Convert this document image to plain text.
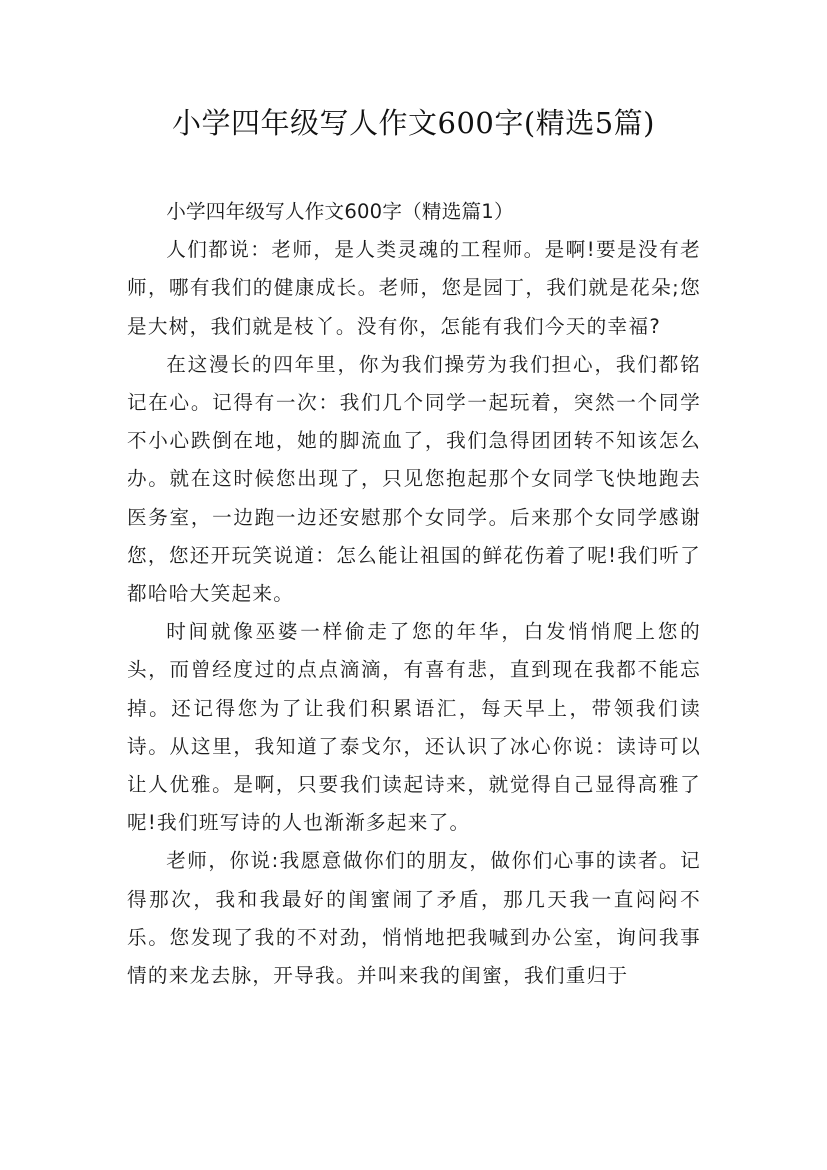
小学四年级写人作文600字(精选5篇)

小学四年级写人作文600字（精选篇1）

人们都说：老师，是人类灵魂的工程师。是啊!要是没有老师，哪有我们的健康成长。老师，您是园丁，我们就是花朵;您是大树，我们就是枝丫。没有你，怎能有我们今天的幸福?

在这漫长的四年里，你为我们操劳为我们担心，我们都铭记在心。记得有一次：我们几个同学一起玩着，突然一个同学不小心跌倒在地，她的脚流血了，我们急得团团转不知该怎么办。就在这时候您出现了，只见您抱起那个女同学飞快地跑去医务室，一边跑一边还安慰那个女同学。后来那个女同学感谢您，您还开玩笑说道：怎么能让祖国的鲜花伤着了呢!我们听了都哈哈大笑起来。

时间就像巫婆一样偷走了您的年华，白发悄悄爬上您的头，而曾经度过的点点滴滴，有喜有悲，直到现在我都不能忘掉。还记得您为了让我们积累语汇，每天早上，带领我们读诗。从这里，我知道了泰戈尔，还认识了冰心你说：读诗可以让人优雅。是啊，只要我们读起诗来，就觉得自己显得高雅了呢!我们班写诗的人也渐渐多起来了。

老师，你说:我愿意做你们的朋友，做你们心事的读者。记得那次，我和我最好的闺蜜闹了矛盾，那几天我一直闷闷不乐。您发现了我的不对劲，悄悄地把我喊到办公室，询问我事情的来龙去脉，开导我。并叫来我的闺蜜，我们重归于
